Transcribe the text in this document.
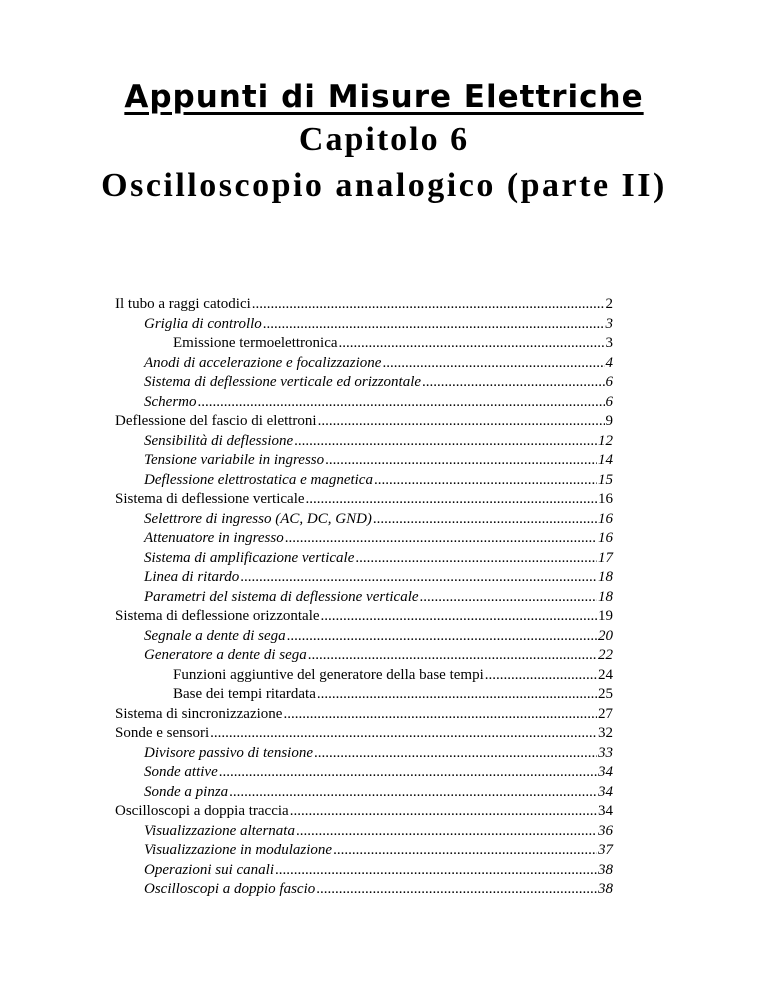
Appunti di Misure Elettriche
Capitolo 6
Oscilloscopio analogico (parte II)
Il tubo a raggi catodici .....	2
Griglia di controllo .....	3
Emissione termoelettronica .....	3
Anodi di accelerazione e focalizzazione .....	4
Sistema di deflessione verticale ed orizzontale .....	6
Schermo .....	6
Deflessione del fascio di elettroni .....	9
Sensibilità di deflessione .....	12
Tensione variabile in ingresso .....	14
Deflessione elettrostatica e magnetica .....	15
Sistema di deflessione verticale .....	16
Selettrore di ingresso (AC, DC, GND) .....	16
Attenuatore in ingresso .....	16
Sistema di amplificazione verticale .....	17
Linea di ritardo .....	18
Parametri del sistema di deflessione verticale .....	18
Sistema di deflessione orizzontale .....	19
Segnale a dente di sega .....	20
Generatore a dente di sega .....	22
Funzioni aggiuntive del generatore della base tempi .....	24
Base dei tempi ritardata .....	25
Sistema di sincronizzazione .....	27
Sonde e sensori .....	32
Divisore passivo di tensione .....	33
Sonde attive .....	34
Sonde a pinza .....	34
Oscilloscopi a doppia traccia .....	34
Visualizzazione alternata .....	36
Visualizzazione in modulazione .....	37
Operazioni sui canali .....	38
Oscilloscopi a doppio fascio .....	38
